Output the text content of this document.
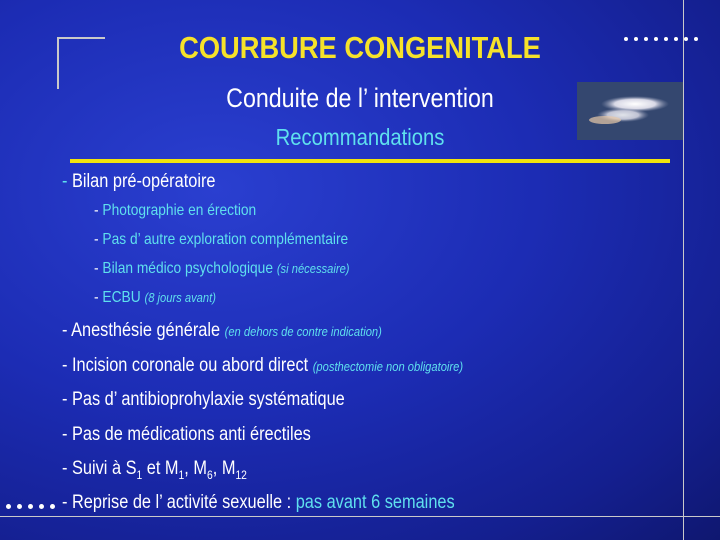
COURBURE CONGENITALE
Conduite de l’ intervention
Recommandations
- Bilan pré-opératoire
- Photographie en érection
- Pas d’ autre exploration complémentaire
- Bilan médico psychologique (si nécessaire)
- ECBU (8 jours avant)
- Anesthésie générale (en dehors de contre indication)
- Incision coronale ou abord direct (posthectomie non obligatoire)
- Pas d’ antibioprohylaxie systématique
- Pas de médications anti érectiles
- Suivi à $S_1$ et $M_1$, $M_6$, $M_{12}$
- Reprise de l’ activité sexuelle : pas avant 6 semaines
